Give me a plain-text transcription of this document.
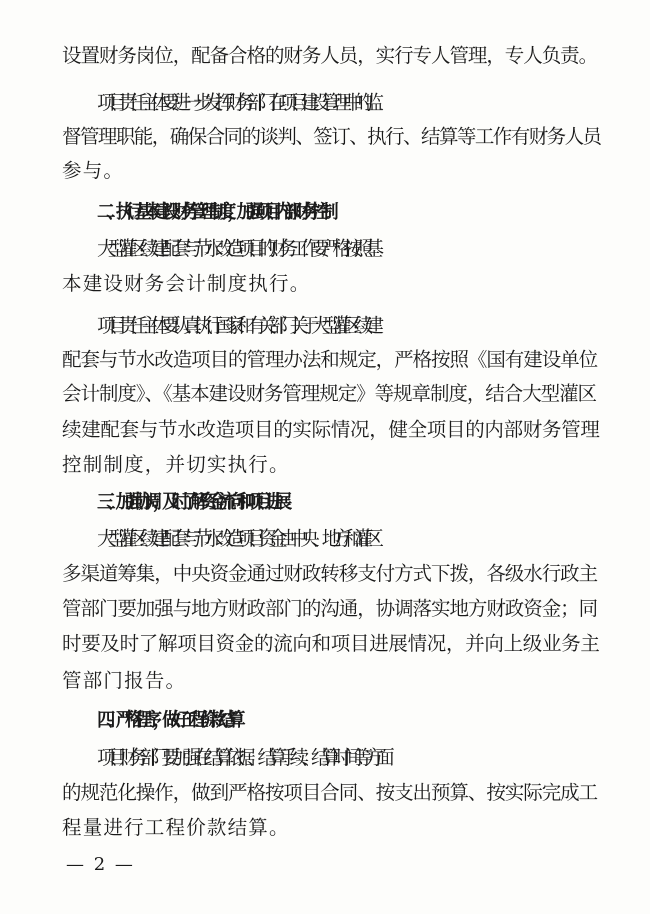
设置财务岗位，配备合格的财务人员，实行专人管理，专人负责。
项目责任主体要进一步发挥财务部门在项目建设管理中的监
督管理职能，确保合同的谈判、签订、执行、结算等工作有财务人员
参与。
二、执行基本建设财务管理制度，加强项目内部财务控制
大型灌区续建配套与节水改造项目的财务工作要严格按照基
本建设财务会计制度执行。
项目责任主体要认真执行国家和有关部门关于大型灌区续建
配套与节水改造项目的管理办法和规定，严格按照《国有建设单位
会计制度》、《基本建设财务管理规定》等规章制度，结合大型灌区
续建配套与节水改造项目的实际情况，健全项目的内部财务管理
控制制度，并切实执行。
三、加强协调，及时了解资金流向和项目进展
大型灌区续建配套与节水改造项目资金由中央、地方和灌区
多渠道筹集，中央资金通过财政转移支付方式下拨，各级水行政主
管部门要加强与地方财政部门的沟通，协调落实地方财政资金；同
时要及时了解项目资金的流向和项目进展情况，并向上级业务主
管部门报告。
四、严格程序，做好工程价款结算
项目财务部门要加强在结算依据、结算手续、结算时间等方面
的规范化操作，做到严格按项目合同、按支出预算、按实际完成工
程量进行工程价款结算。
— 2 —
